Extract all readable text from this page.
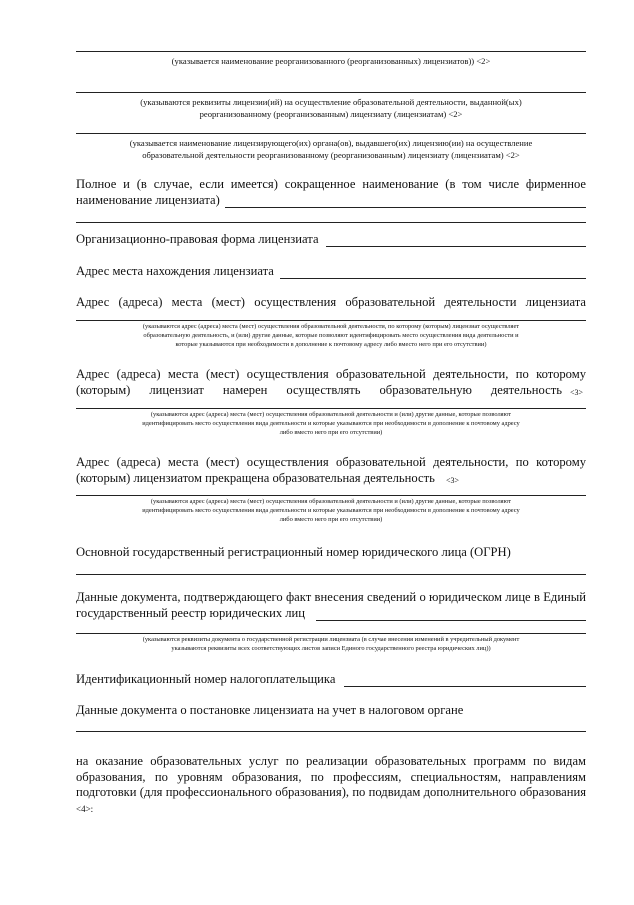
(указывается наименование реорганизованного (реорганизованных) лицензиатов)) <2>
(указываются реквизиты лицензии(ий) на осуществление образовательной деятельности, выданной(ых)
реорганизованному (реорганизованным) лицензиату (лицензиатам) <2>
(указывается наименование лицензирующего(их) органа(ов), выдавшего(их) лицензию(ии) на осуществление
образовательной деятельности реорганизованному (реорганизованным) лицензиату (лицензиатам) <2>
Полное и (в случае, если имеется) сокращенное наименование (в том числе фирменное
наименование лицензиата)
Организационно-правовая форма лицензиата
Адрес места нахождения лицензиата
Адрес (адреса) места (мест) осуществления образовательной деятельности лицензиата
(указываются адрес (адреса) места (мест) осуществления образовательной деятельности, по которому (которым) лицензиат осуществляет
образовательную деятельность, и (или) другие данные, которые позволяют идентифицировать место осуществления вида деятельности и
которые указываются при необходимости в дополнение к почтовому адресу либо вместо него при его отсутствии)
Адрес (адреса) места (мест) осуществления образовательной деятельности, по которому
(которым) лицензиат намерен осуществлять образовательную деятельность <3>
(указываются адрес (адреса) места (мест) осуществления образовательной деятельности и (или) другие данные, которые позволяют
идентифицировать место осуществления вида деятельности и которые указываются при необходимости в дополнение к почтовому адресу
либо вместо него при его отсутствии)
Адрес (адреса) места (мест) осуществления образовательной деятельности, по которому
(которым) лицензиатом прекращена образовательная деятельность <3>
(указываются адрес (адреса) места (мест) осуществления образовательной деятельности и (или) другие данные, которые позволяют
идентифицировать место осуществления вида деятельности и которые указываются при необходимости в дополнение к почтовому адресу
либо вместо него при его отсутствии)
Основной государственный регистрационный номер юридического лица (ОГРН)
Данные документа, подтверждающего факт внесения сведений о юридическом лице в Единый
государственный реестр юридических лиц
(указываются реквизиты документа о государственной регистрации лицензиата (в случае внесения изменений в учредительный документ
указываются реквизиты всех соответствующих листов записи Единого государственного реестра юридических лиц))
Идентификационный номер налогоплательщика
Данные документа о постановке лицензиата на учет в налоговом органе
на оказание образовательных услуг по реализации образовательных программ по видам образования, по уровням образования, по профессиям, специальностям, направлениям подготовки (для профессионального образования), по подвидам дополнительного образования <4>:
